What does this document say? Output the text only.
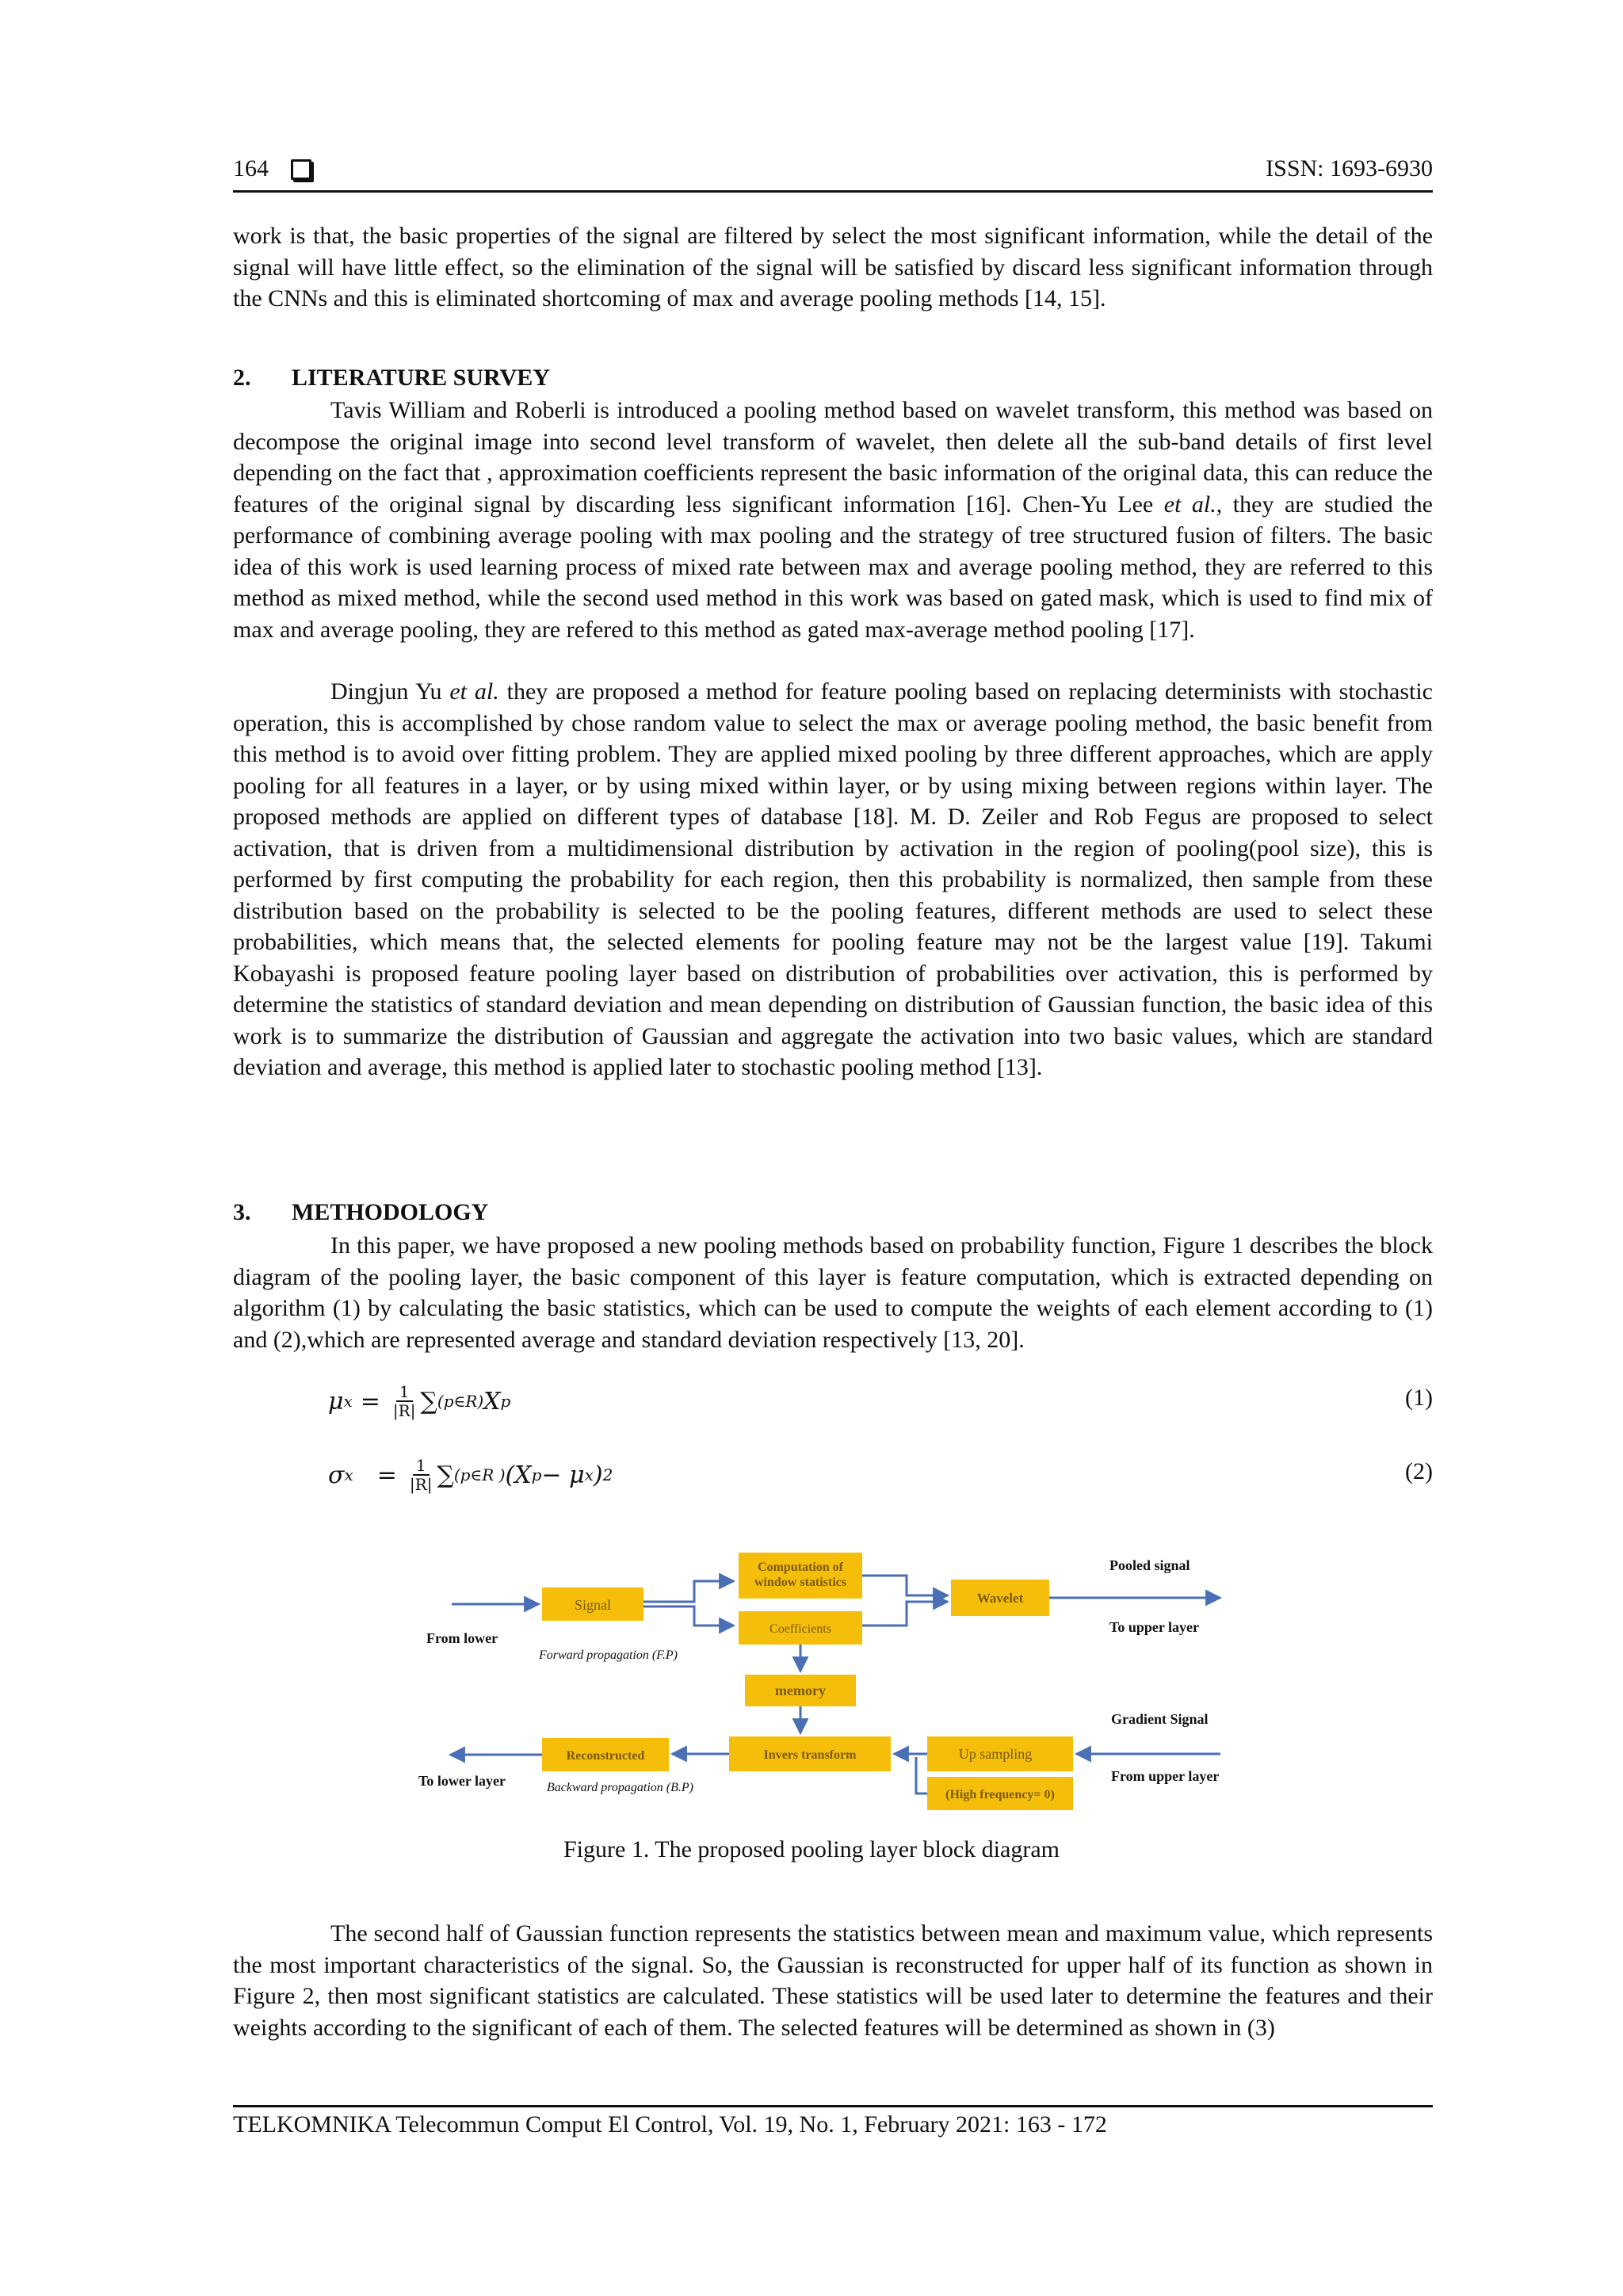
164	ISSN: 1693-6930

work is that, the basic properties of the signal are filtered by select the most significant information, while the detail of the signal will have little effect, so the elimination of the signal will be satisfied by discard less significant information through the CNNs and this is eliminated shortcoming of max and average pooling methods [14, 15].

2.	LITERATURE SURVEY

Tavis William and Roberli is introduced a pooling method based on wavelet transform, this method was based on decompose the original image into second level transform of wavelet, then delete all the sub-band details of first level depending on the fact that , approximation coefficients represent the basic information of the original data, this can reduce the features of the original signal by discarding less significant information [16]. Chen-Yu Lee et al., they are studied the performance of combining average pooling with max pooling and the strategy of tree structured fusion of filters. The basic idea of this work is used learning process of mixed rate between max and average pooling method, they are referred to this method as mixed method, while the second used method in this work was based on gated mask, which is used to find mix of max and average pooling, they are refered to this method as gated max-average method pooling [17].

Dingjun Yu et al. they are proposed a method for feature pooling based on replacing determinists with stochastic operation, this is accomplished by chose random value to select the max or average pooling method, the basic benefit from this method is to avoid over fitting problem. They are applied mixed pooling by three different approaches, which are apply pooling for all features in a layer, or by using mixed within layer, or by using mixing between regions within layer. The proposed methods are applied on different types of database [18]. M. D. Zeiler and Rob Fegus are proposed to select activation, that is driven from a multidimensional distribution by activation in the region of pooling(pool size), this is performed by first computing the probability for each region, then this probability is normalized, then sample from these distribution based on the probability is selected to be the pooling features, different methods are used to select these probabilities, which means that, the selected elements for pooling feature may not be the largest value [19]. Takumi Kobayashi is proposed feature pooling layer based on distribution of probabilities over activation, this is performed by determine the statistics of standard deviation and mean depending on distribution of Gaussian function, the basic idea of this work is to summarize the distribution of Gaussian and aggregate the activation into two basic values, which are standard deviation and average, this method is applied later to stochastic pooling method [13].

3.	METHODOLOGY

In this paper, we have proposed a new pooling methods based on probability function, Figure 1 describes the block diagram of the pooling layer, the basic component of this layer is feature computation, which is extracted depending on algorithm (1) by calculating the basic statistics, which can be used to compute the weights of each element according to (1) and (2),which are represented average and standard deviation respectively [13, 20].

μ $x = \frac{1}{|R|}$ ∑ (p∈R) X p	(1)
σ $x = \frac{1}{|R|}$ ∑ (p∈R ) (X p − μ x ) 2	(2)
Signal
Computation of
window statistics
Coefficients
Wavelet
memory
Reconstructed	Invers transform	Up sampling
(High frequency= 0)
From lower
Forward propagation (F.P)
Pooled signal
To upper layer
Gradient Signal
From upper layer
To lower layer	Backward propagation (B.P)
Figure 1. The proposed pooling layer block diagram

The second half of Gaussian function represents the statistics between mean and maximum value, which represents the most important characteristics of the signal. So, the Gaussian is reconstructed for upper half of its function as shown in Figure 2, then most significant statistics are calculated. These statistics will be used later to determine the features and their weights according to the significant of each of them. The selected features will be determined as shown in (3)

TELKOMNIKA Telecommun Comput El Control, Vol. 19, No. 1, February 2021: 163 - 172
